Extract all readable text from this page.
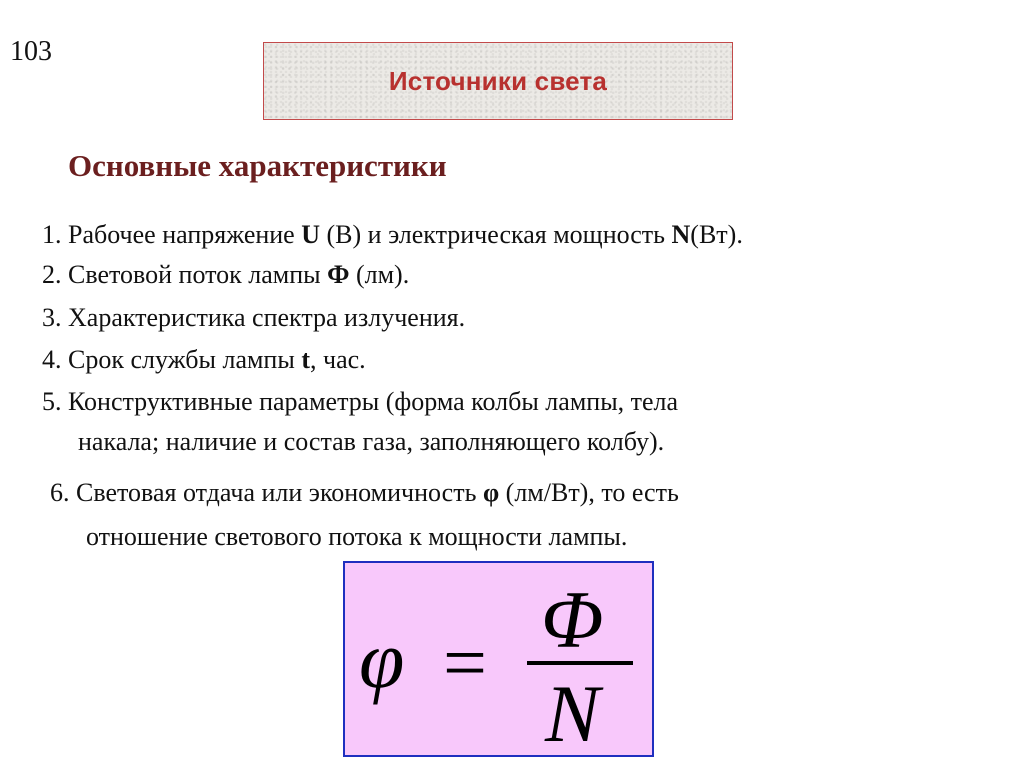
103
Источники света
Основные характеристики
1. Рабочее напряжение U (В) и электрическая мощность N(Вт).
2. Световой поток лампы Ф (лм).
3. Характеристика спектра излучения.
4. Срок службы лампы t, час.
5. Конструктивные параметры (форма колбы лампы, тела
накала; наличие и состав газа, заполняющего колбу).
6. Световая отдача или экономичность φ (лм/Вт), то есть
отношение светового потока к мощности лампы.
φ = Φ
N
